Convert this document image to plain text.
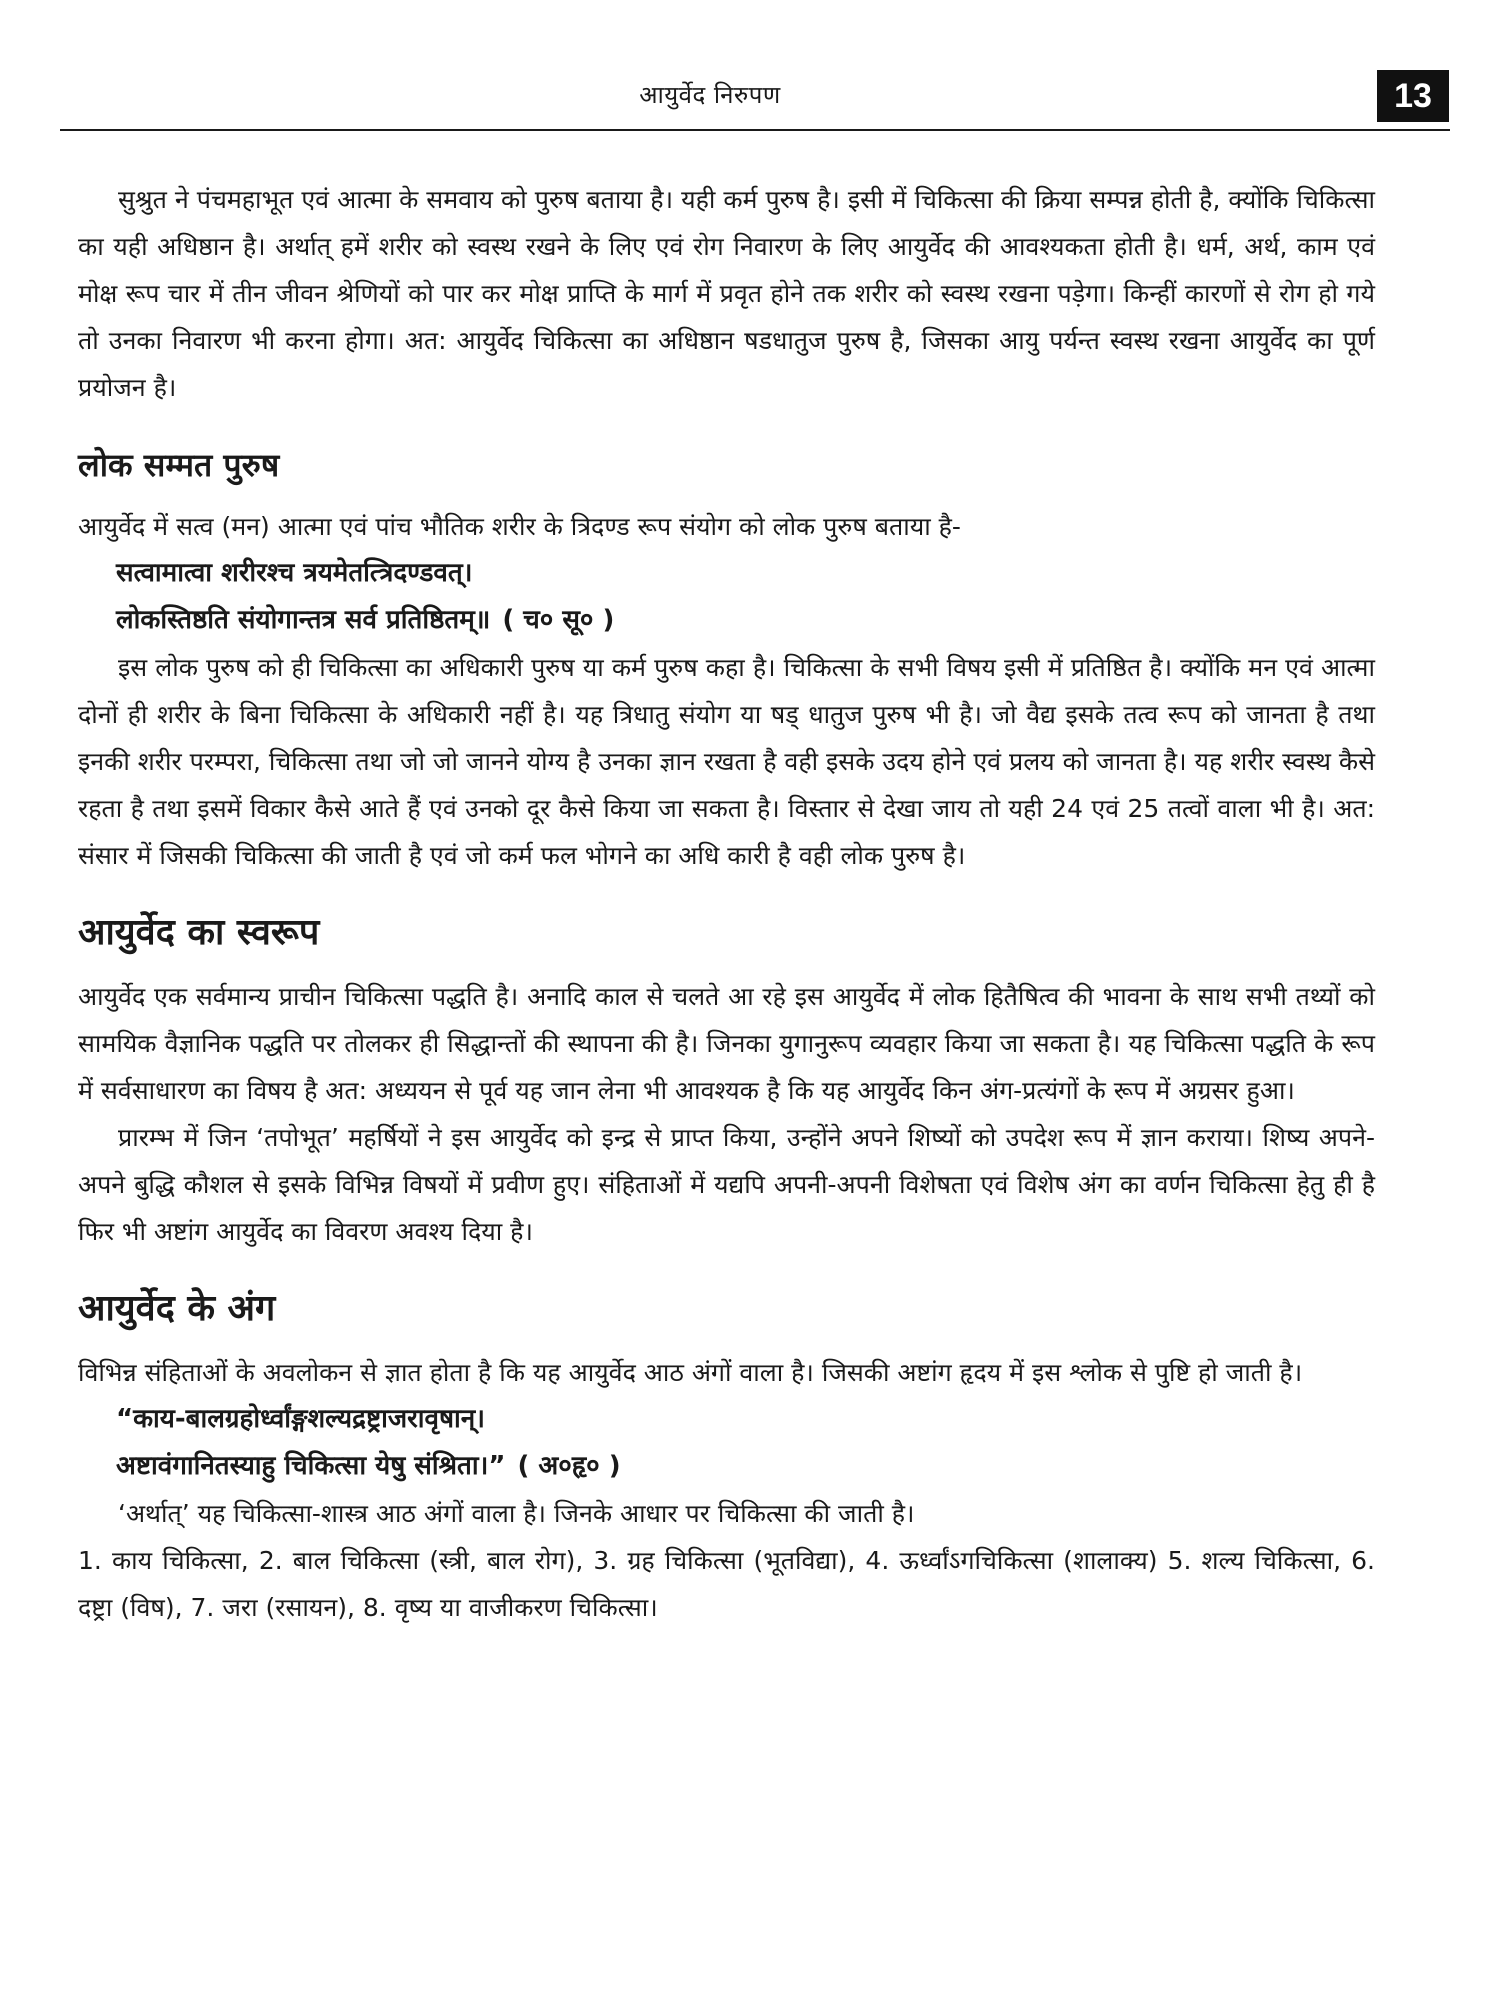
आयुर्वेद निरुपण	13

सुश्रुत ने पंचमहाभूत एवं आत्मा के समवाय को पुरुष बताया है। यही कर्म पुरुष है। इसी में चिकित्सा की क्रिया सम्पन्न होती है, क्योंकि चिकित्सा का यही अधिष्ठान है। अर्थात् हमें शरीर को स्वस्थ रखने के लिए एवं रोग निवारण के लिए आयुर्वेद की आवश्यकता होती है। धर्म, अर्थ, काम एवं मोक्ष रूप चार में तीन जीवन श्रेणियों को पार कर मोक्ष प्राप्ति के मार्ग में प्रवृत होने तक शरीर को स्वस्थ रखना पड़ेगा। किन्हीं कारणों से रोग हो गये तो उनका निवारण भी करना होगा। अत: आयुर्वेद चिकित्सा का अधिष्ठान षडधातुज पुरुष है, जिसका आयु पर्यन्त स्वस्थ रखना आयुर्वेद का पूर्ण प्रयोजन है।

लोक सम्मत पुरुष

आयुर्वेद में सत्व (मन) आत्मा एवं पांच भौतिक शरीर के त्रिदण्ड रूप संयोग को लोक पुरुष बताया है-

सत्वामात्वा शरीरश्च त्रयमेतत्त्रिदण्डवत्।

लोकस्तिष्ठति संयोगान्तत्र सर्व प्रतिष्ठितम्॥ ( च० सू० )

इस लोक पुरुष को ही चिकित्सा का अधिकारी पुरुष या कर्म पुरुष कहा है। चिकित्सा के सभी विषय इसी में प्रतिष्ठित है। क्योंकि मन एवं आत्मा दोनों ही शरीर के बिना चिकित्सा के अधिकारी नहीं है। यह त्रिधातु संयोग या षड् धातुज पुरुष भी है। जो वैद्य इसके तत्व रूप को जानता है तथा इनकी शरीर परम्परा, चिकित्सा तथा जो जो जानने योग्य है उनका ज्ञान रखता है वही इसके उदय होने एवं प्रलय को जानता है। यह शरीर स्वस्थ कैसे रहता है तथा इसमें विकार कैसे आते हैं एवं उनको दूर कैसे किया जा सकता है। विस्तार से देखा जाय तो यही 24 एवं 25 तत्वों वाला भी है। अत: संसार में जिसकी चिकित्सा की जाती है एवं जो कर्म फल भोगने का अधि कारी है वही लोक पुरुष है।

आयुर्वेद का स्वरूप

आयुर्वेद एक सर्वमान्य प्राचीन चिकित्सा पद्धति है। अनादि काल से चलते आ रहे इस आयुर्वेद में लोक हितैषित्व की भावना के साथ सभी तथ्यों को सामयिक वैज्ञानिक पद्धति पर तोलकर ही सिद्धान्तों की स्थापना की है। जिनका युगानुरूप व्यवहार किया जा सकता है। यह चिकित्सा पद्धति के रूप में सर्वसाधारण का विषय है अत: अध्ययन से पूर्व यह जान लेना भी आवश्यक है कि यह आयुर्वेद किन अंग-प्रत्यंगों के रूप में अग्रसर हुआ।

प्रारम्भ में जिन ‘तपोभूत’ महर्षियों ने इस आयुर्वेद को इन्द्र से प्राप्त किया, उन्होंने अपने शिष्यों को उपदेश रूप में ज्ञान कराया। शिष्य अपने-अपने बुद्धि कौशल से इसके विभिन्न विषयों में प्रवीण हुए। संहिताओं में यद्यपि अपनी-अपनी विशेषता एवं विशेष अंग का वर्णन चिकित्सा हेतु ही है फिर भी अष्टांग आयुर्वेद का विवरण अवश्य दिया है।

आयुर्वेद के अंग

विभिन्न संहिताओं के अवलोकन से ज्ञात होता है कि यह आयुर्वेद आठ अंगों वाला है। जिसकी अष्टांग हृदय में इस श्लोक से पुष्टि हो जाती है।

“काय-बालग्रहोर्ध्वांङ्गशल्यद्रष्ट्राजरावृषान्।

अष्टावंगानितस्याहु चिकित्सा येषु संश्रिता।” ( अ०हृ० )

‘अर्थात्’ यह चिकित्सा-शास्त्र आठ अंगों वाला है। जिनके आधार पर चिकित्सा की जाती है।

1. काय चिकित्सा, 2. बाल चिकित्सा (स्त्री, बाल रोग), 3. ग्रह चिकित्सा (भूतविद्या), 4. ऊर्ध्वांऽगचिकित्सा (शालाक्य) 5. शल्य चिकित्सा, 6. दष्ट्रा (विष), 7. जरा (रसायन), 8. वृष्य या वाजीकरण चिकित्सा।
